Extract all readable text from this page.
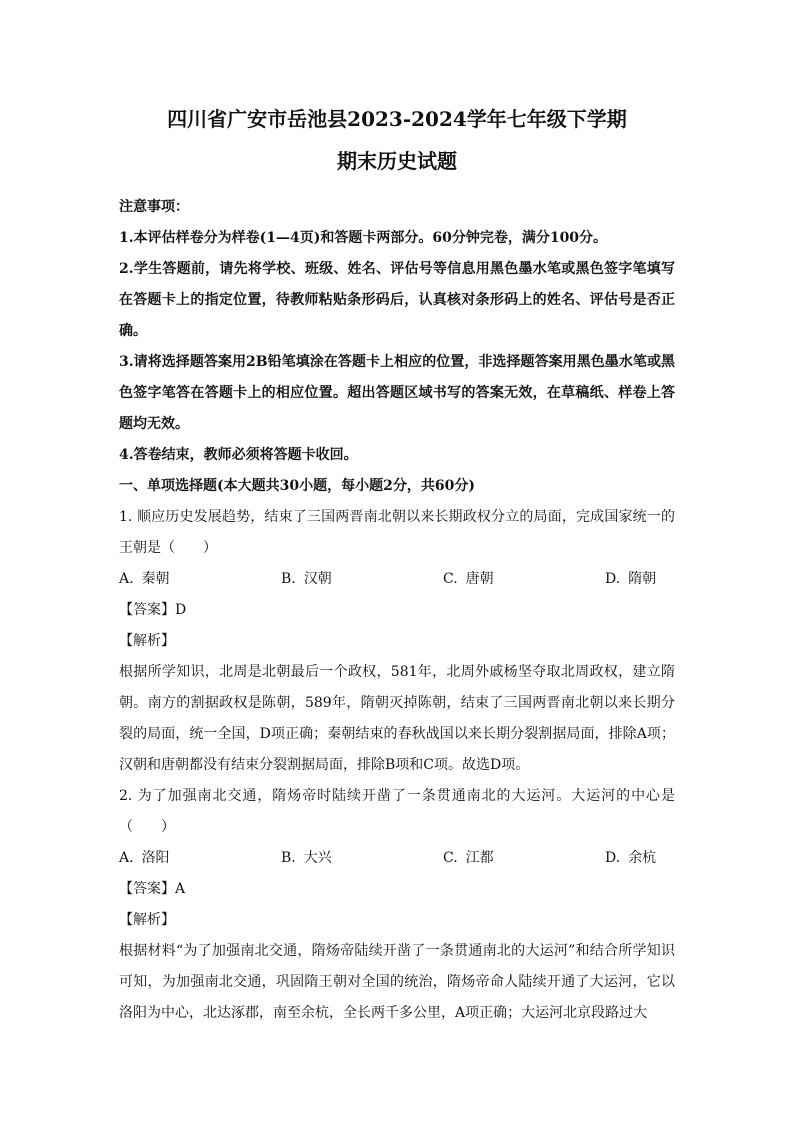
四川省广安市岳池县2023-2024学年七年级下学期
期末历史试题

注意事项：

1.本评估样卷分为样卷(1—4页)和答题卡两部分。60分钟完卷，满分100分。

2.学生答题前，请先将学校、班级、姓名、评估号等信息用黑色墨水笔或黑色签字笔填写在答题卡上的指定位置，待教师粘贴条形码后，认真核对条形码上的姓名、评估号是否正确。

3.请将选择题答案用2B铅笔填涂在答题卡上相应的位置，非选择题答案用黑色墨水笔或黑色签字笔答在答题卡上的相应位置。超出答题区域书写的答案无效，在草稿纸、样卷上答题均无效。

4.答卷结束，教师必须将答题卡收回。

一、单项选择题(本大题共30小题，每小题2分，共60分)

1. 顺应历史发展趋势，结束了三国两晋南北朝以来长期政权分立的局面，完成国家统一的王朝是（　　）

A. 秦朝	B. 汉朝	C. 唐朝	D. 隋朝

【答案】D

【解析】

根据所学知识，北周是北朝最后一个政权，581年，北周外戚杨坚夺取北周政权，建立隋朝。南方的割据政权是陈朝，589年，隋朝灭掉陈朝，结束了三国两晋南北朝以来长期分裂的局面，统一全国，D项正确；秦朝结束的春秋战国以来长期分裂割据局面，排除A项；汉朝和唐朝都没有结束分裂割据局面，排除B项和C项。故选D项。

2. 为了加强南北交通，隋炀帝时陆续开凿了一条贯通南北的大运河。大运河的中心是（　　）

A. 洛阳	B. 大兴	C. 江都	D. 余杭

【答案】A

【解析】

根据材料“为了加强南北交通，隋炀帝陆续开凿了一条贯通南北的大运河”和结合所学知识可知，为加强南北交通，巩固隋王朝对全国的统治，隋炀帝命人陆续开通了大运河，它以洛阳为中心，北达涿郡，南至余杭，全长两千多公里，A项正确；大运河北京段路过大
